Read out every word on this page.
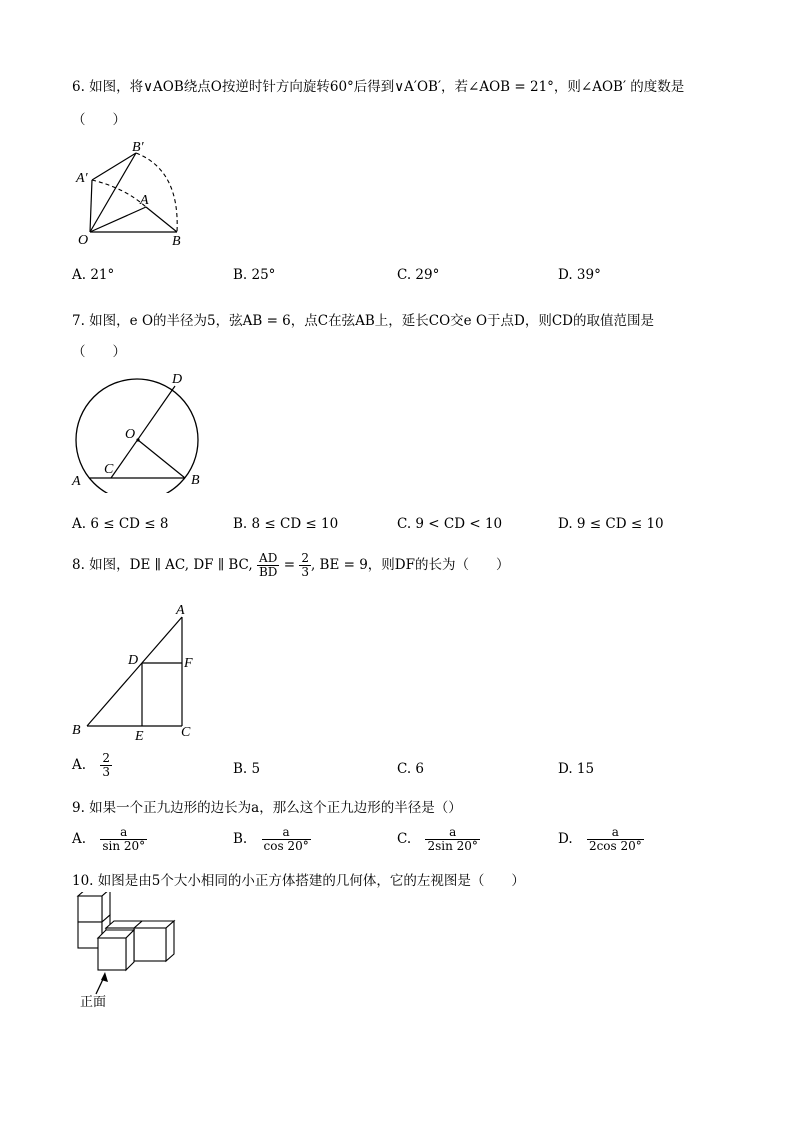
6. 如图，将∨AOB绕点O按逆时针方向旋转60°后得到∨A′OB′，若∠AOB = 21°，则∠AOB′ 的度数是
（　　）
B′
A′
A
O	B
A. 21°	B. 25°	C. 29°	D. 39°
7. 如图，e O的半径为5，弦AB = 6，点C在弦AB上，延长CO交e O于点D，则CD的取值范围是
（　　）
D
O
C
A	B
A. 6 ≤ CD ≤ 8	B. 8 ≤ CD ≤ 10	C. 9 < CD < 10	D. 9 ≤ CD ≤ 10
8. 如图，DE ∥ AC, DF ∥ BC, $\frac{AD}{BD} = \frac{2}{3}$ , BE = 9，则DF的长为（　　）
A
D	F
B	E	C
A. $\frac{2}{3}$	B. 5	C. 6	D. 15
9. 如果一个正九边形的边长为a，那么这个正九边形的半径是（）
A. $\frac{a}{\sin 20^\circ}$	B. $\frac{a}{\cos 20^\circ}$	C. $\frac{a}{2\sin 20^\circ}$	D. $\frac{a}{2\cos 20^\circ}$
10. 如图是由5个大小相同的小正方体搭建的几何体，它的左视图是（　　）
正面
